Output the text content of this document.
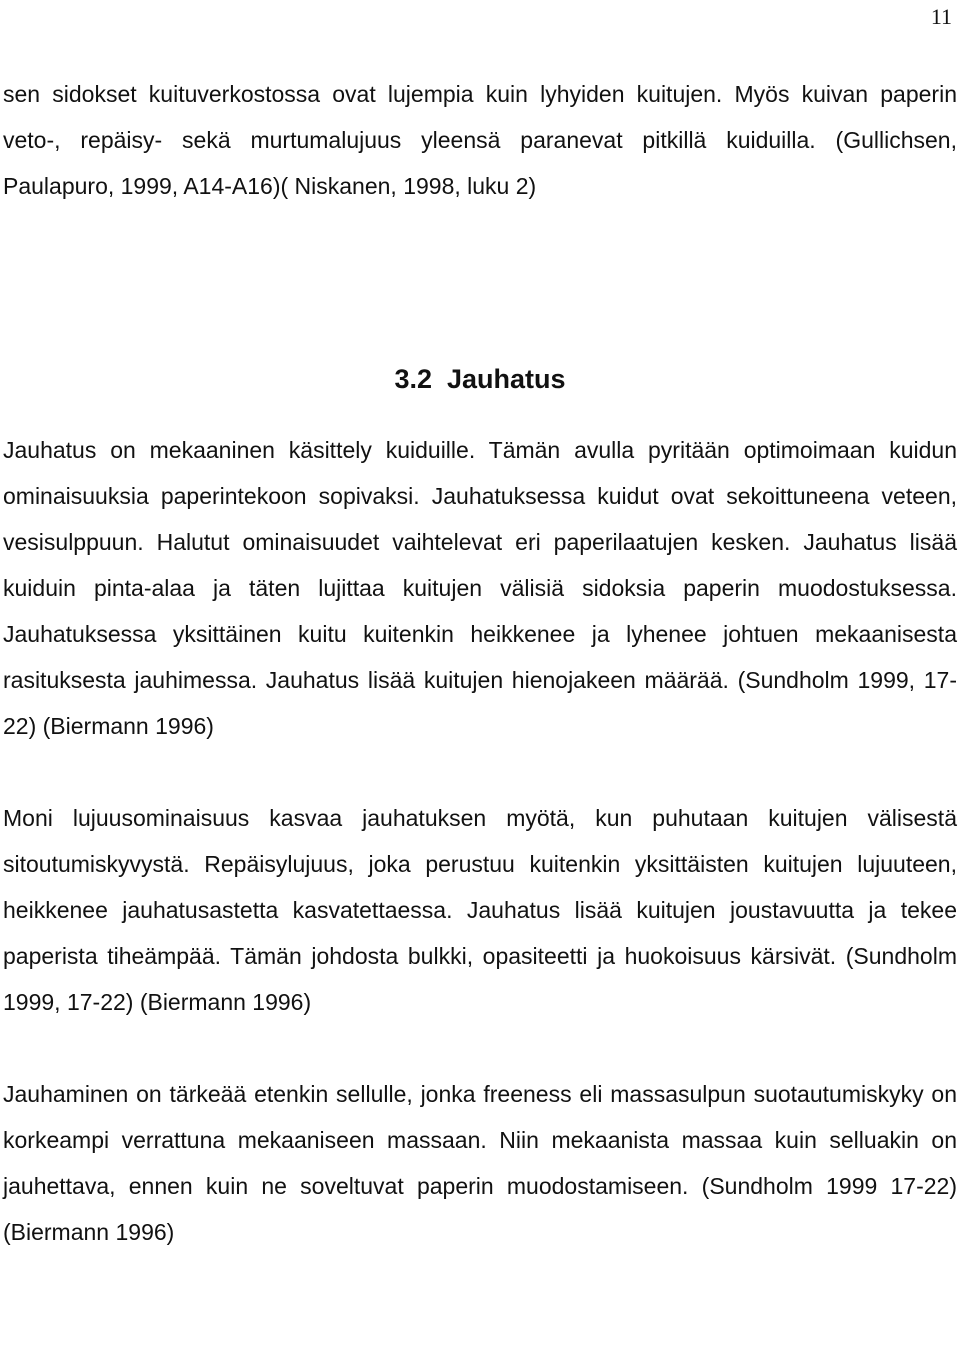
11

sen sidokset kuituverkostossa ovat lujempia kuin lyhyiden kuitujen. Myös kuivan paperin veto-, repäisy- sekä murtumalujuus yleensä paranevat pitkillä kuiduilla. (Gullichsen, Paulapuro, 1999, A14-A16)( Niskanen, 1998, luku 2)

3.2 Jauhatus

Jauhatus on mekaaninen käsittely kuiduille. Tämän avulla pyritään optimoimaan kuidun ominaisuuksia paperintekoon sopivaksi. Jauhatuksessa kuidut ovat sekoittuneena veteen, vesisulppuun. Halutut ominaisuudet vaihtelevat eri paperilaatujen kesken. Jauhatus lisää kuiduin pinta-alaa ja täten lujittaa kuitujen välisiä sidoksia paperin muodostuksessa. Jauhatuksessa yksittäinen kuitu kuitenkin heikkenee ja lyhenee johtuen mekaanisesta rasituksesta jauhimessa. Jauhatus lisää kuitujen hienojakeen määrää. (Sundholm 1999, 17-22) (Biermann 1996)

Moni lujuusominaisuus kasvaa jauhatuksen myötä, kun puhutaan kuitujen välisestä sitoutumiskyvystä. Repäisylujuus, joka perustuu kuitenkin yksittäisten kuitujen lujuuteen, heikkenee jauhatusastetta kasvatettaessa. Jauhatus lisää kuitujen joustavuutta ja tekee paperista tiheämpää. Tämän johdosta bulkki, opasiteetti ja huokoisuus kärsivät. (Sundholm 1999, 17-22) (Biermann 1996)

Jauhaminen on tärkeää etenkin sellulle, jonka freeness eli massasulpun suotautumiskyky on korkeampi verrattuna mekaaniseen massaan. Niin mekaanista massaa kuin selluakin on jauhettava, ennen kuin ne soveltuvat paperin muodostamiseen. (Sundholm 1999 17-22) (Biermann 1996)
